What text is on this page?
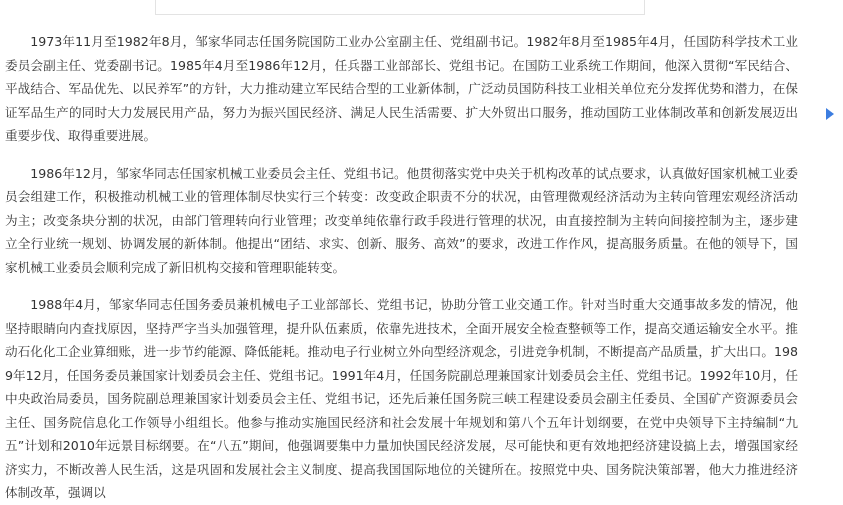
1973年11月至1982年8月，邹家华同志任国务院国防工业办公室副主任、党组副书记。1982年8月至1985年4月，任国防科学技术工业委员会副主任、党委副书记。1985年4月至1986年12月，任兵器工业部部长、党组书记。在国防工业系统工作期间，他深入贯彻“军民结合、平战结合、军品优先、以民养军”的方针，大力推动建立军民结合型的工业新体制，广泛动员国防科技工业相关单位充分发挥优势和潜力，在保证军品生产的同时大力发展民用产品，努力为振兴国民经济、满足人民生活需要、扩大外贸出口服务，推动国防工业体制改革和创新发展迈出重要步伐、取得重要进展。

1986年12月，邹家华同志任国家机械工业委员会主任、党组书记。他贯彻落实党中央关于机构改革的试点要求，认真做好国家机械工业委员会组建工作，积极推动机械工业的管理体制尽快实行三个转变：改变政企职责不分的状况，由管理微观经济活动为主转向管理宏观经济活动为主；改变条块分割的状况，由部门管理转向行业管理；改变单纯依靠行政手段进行管理的状况，由直接控制为主转向间接控制为主，逐步建立全行业统一规划、协调发展的新体制。他提出“团结、求实、创新、服务、高效”的要求，改进工作作风，提高服务质量。在他的领导下，国家机械工业委员会顺利完成了新旧机构交接和管理职能转变。

1988年4月，邹家华同志任国务委员兼机械电子工业部部长、党组书记，协助分管工业交通工作。针对当时重大交通事故多发的情况，他坚持眼睛向内查找原因，坚持严字当头加强管理，提升队伍素质，依靠先进技术，全面开展安全检查整顿等工作，提高交通运输安全水平。推动石化化工企业算细账，进一步节约能源、降低能耗。推动电子行业树立外向型经济观念，引进竞争机制，不断提高产品质量，扩大出口。1989年12月，任国务委员兼国家计划委员会主任、党组书记。1991年4月，任国务院副总理兼国家计划委员会主任、党组书记。1992年10月，任中央政治局委员，国务院副总理兼国家计划委员会主任、党组书记，还先后兼任国务院三峡工程建设委员会副主任委员、全国矿产资源委员会主任、国务院信息化工作领导小组组长。他参与推动实施国民经济和社会发展十年规划和第八个五年计划纲要，在党中央领导下主持编制“九五”计划和2010年远景目标纲要。在“八五”期间，他强调要集中力量加快国民经济发展，尽可能快和更有效地把经济建设搞上去，增强国家经济实力，不断改善人民生活，这是巩固和发展社会主义制度、提高我国国际地位的关键所在。按照党中央、国务院決策部署，他大力推进经济体制改革，强调以
